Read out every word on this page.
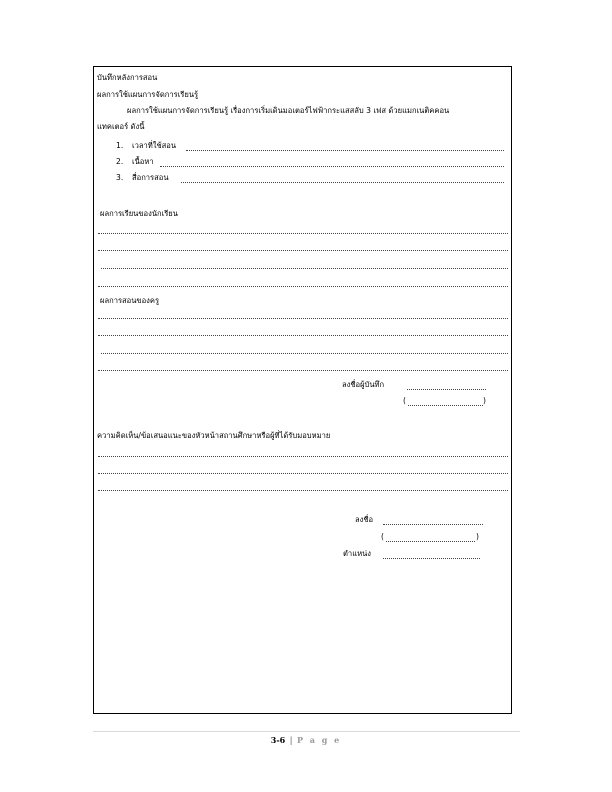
บันทึกหลังการสอน
ผลการใช้แผนการจัดการเรียนรู้
ผลการใช้แผนการจัดการเรียนรู้ เรื่องการเริ่มเดินมอเตอร์ไฟฟ้ากระแสสลับ 3 เฟส ด้วยแมกเนติคคอน
แทคเตอร์ ดังนี้
1. เวลาที่ใช้สอน
2. เนื้อหา
3. สื่อการสอน
ผลการเรียนของนักเรียน
ผลการสอนของครู
ลงชื่อผู้บันทึก
(	)
ความคิดเห็น/ข้อเสนอแนะของหัวหน้าสถานศึกษาหรือผู้ที่ได้รับมอบหมาย
ลงชื่อ
(	)
ตำแหน่ง
3-6 | P a g e
